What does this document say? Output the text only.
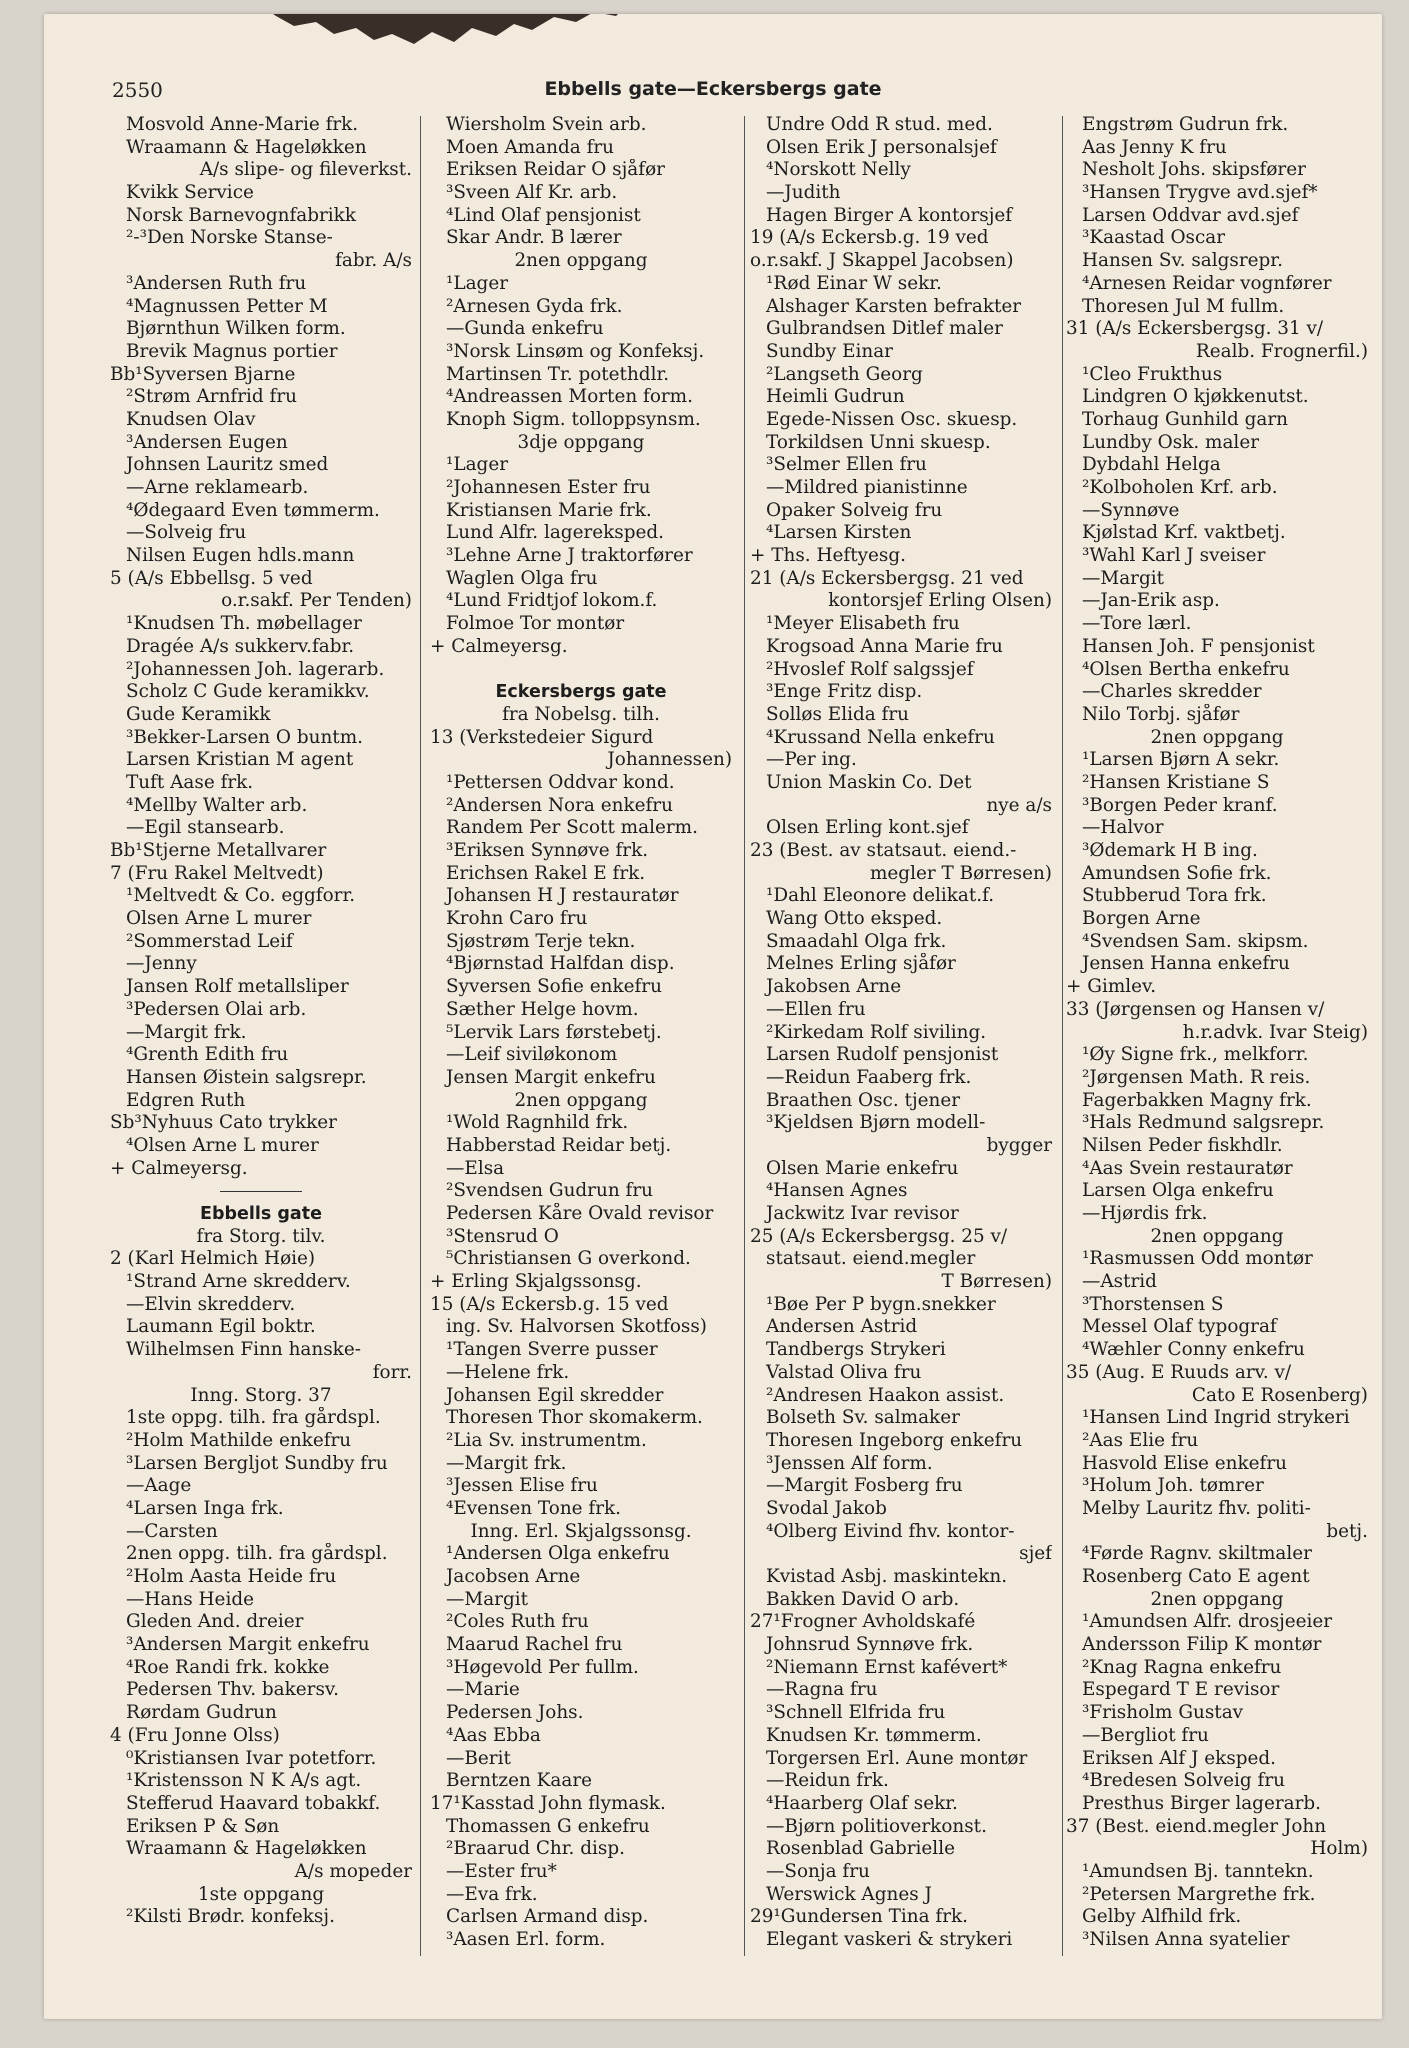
2550	Ebbells gate—Eckersbergs gate
Mosvold Anne-Marie frk.
Wraamann & Hageløkken
A/s slipe- og fileverkst.
Kvikk Service
Norsk Barnevognfabrikk
²-³Den Norske Stanse-
fabr. A/s
³Andersen Ruth fru
⁴Magnussen Petter M
Bjørnthun Wilken form.
Brevik Magnus portier
Bb¹Syversen Bjarne
²Strøm Arnfrid fru
Knudsen Olav
³Andersen Eugen
Johnsen Lauritz smed
—Arne reklamearb.
⁴Ødegaard Even tømmerm.
—Solveig fru
Nilsen Eugen hdls.mann
5 (A/s Ebbellsg. 5 ved
o.r.sakf. Per Tenden)
¹Knudsen Th. møbellager
Dragée A/s sukkerv.fabr.
²Johannessen Joh. lagerarb.
Scholz C Gude keramikkv.
Gude Keramikk
³Bekker-Larsen O buntm.
Larsen Kristian M agent
Tuft Aase frk.
⁴Mellby Walter arb.
—Egil stansearb.
Bb¹Stjerne Metallvarer
7 (Fru Rakel Meltvedt)
¹Meltvedt & Co. eggforr.
Olsen Arne L murer
²Sommerstad Leif
—Jenny
Jansen Rolf metallsliper
³Pedersen Olai arb.
—Margit frk.
⁴Grenth Edith fru
Hansen Øistein salgsrepr.
Edgren Ruth
Sb³Nyhuus Cato trykker
⁴Olsen Arne L murer
+ Calmeyersg.
Ebbells gate
fra Storg. tilv.
2 (Karl Helmich Høie)
¹Strand Arne skredderv.
—Elvin skredderv.
Laumann Egil boktr.
Wilhelmsen Finn hanske-
forr.
Inng. Storg. 37
1ste oppg. tilh. fra gårdspl.
²Holm Mathilde enkefru
³Larsen Bergljot Sundby fru
—Aage
⁴Larsen Inga frk.
—Carsten
2nen oppg. tilh. fra gårdspl.
²Holm Aasta Heide fru
—Hans Heide
Gleden And. dreier
³Andersen Margit enkefru
⁴Roe Randi frk. kokke
Pedersen Thv. bakersv.
Rørdam Gudrun
4 (Fru Jonne Olss)
⁰Kristiansen Ivar potetforr.
¹Kristensson N K A/s agt.
Stefferud Haavard tobakkf.
Eriksen P & Søn
Wraamann & Hageløkken
A/s mopeder
1ste oppgang
²Kilsti Brødr. konfeksj.
Wiersholm Svein arb.
Moen Amanda fru
Eriksen Reidar O sjåfør
³Sveen Alf Kr. arb.
⁴Lind Olaf pensjonist
Skar Andr. B lærer
2nen oppgang
¹Lager
²Arnesen Gyda frk.
—Gunda enkefru
³Norsk Linsøm og Konfeksj.
Martinsen Tr. potethdlr.
⁴Andreassen Morten form.
Knoph Sigm. tolloppsynsm.
3dje oppgang
¹Lager
²Johannesen Ester fru
Kristiansen Marie frk.
Lund Alfr. lagereksped.
³Lehne Arne J traktorfører
Waglen Olga fru
⁴Lund Fridtjof lokom.f.
Folmoe Tor montør
+ Calmeyersg.
Eckersbergs gate
fra Nobelsg. tilh.
13 (Verkstedeier Sigurd
Johannessen)
¹Pettersen Oddvar kond.
²Andersen Nora enkefru
Randem Per Scott malerm.
³Eriksen Synnøve frk.
Erichsen Rakel E frk.
Johansen H J restauratør
Krohn Caro fru
Sjøstrøm Terje tekn.
⁴Bjørnstad Halfdan disp.
Syversen Sofie enkefru
Sæther Helge hovm.
⁵Lervik Lars førstebetj.
—Leif siviløkonom
Jensen Margit enkefru
2nen oppgang
¹Wold Ragnhild frk.
Habberstad Reidar betj.
—Elsa
²Svendsen Gudrun fru
Pedersen Kåre Ovald revisor
³Stensrud O
⁵Christiansen G overkond.
+ Erling Skjalgssonsg.
15 (A/s Eckersb.g. 15 ved
ing. Sv. Halvorsen Skotfoss)
¹Tangen Sverre pusser
—Helene frk.
Johansen Egil skredder
Thoresen Thor skomakerm.
²Lia Sv. instrumentm.
—Margit frk.
³Jessen Elise fru
⁴Evensen Tone frk.
Inng. Erl. Skjalgssonsg.
¹Andersen Olga enkefru
Jacobsen Arne
—Margit
²Coles Ruth fru
Maarud Rachel fru
³Høgevold Per fullm.
—Marie
Pedersen Johs.
⁴Aas Ebba
—Berit
Berntzen Kaare
17¹Kasstad John flymask.
Thomassen G enkefru
²Braarud Chr. disp.
—Ester fru*
—Eva frk.
Carlsen Armand disp.
³Aasen Erl. form.
Undre Odd R stud. med.
Olsen Erik J personalsjef
⁴Norskott Nelly
—Judith
Hagen Birger A kontorsjef
19 (A/s Eckersb.g. 19 ved
o.r.sakf. J Skappel Jacobsen)
¹Rød Einar W sekr.
Alshager Karsten befrakter
Gulbrandsen Ditlef maler
Sundby Einar
²Langseth Georg
Heimli Gudrun
Egede-Nissen Osc. skuesp.
Torkildsen Unni skuesp.
³Selmer Ellen fru
—Mildred pianistinne
Opaker Solveig fru
⁴Larsen Kirsten
+ Ths. Heftyesg.
21 (A/s Eckersbergsg. 21 ved
kontorsjef Erling Olsen)
¹Meyer Elisabeth fru
Krogsoad Anna Marie fru
²Hvoslef Rolf salgssjef
³Enge Fritz disp.
Solløs Elida fru
⁴Krussand Nella enkefru
—Per ing.
Union Maskin Co. Det
nye a/s
Olsen Erling kont.sjef
23 (Best. av statsaut. eiend.-
megler T Børresen)
¹Dahl Eleonore delikat.f.
Wang Otto eksped.
Smaadahl Olga frk.
Melnes Erling sjåfør
Jakobsen Arne
—Ellen fru
²Kirkedam Rolf siviling.
Larsen Rudolf pensjonist
—Reidun Faaberg frk.
Braathen Osc. tjener
³Kjeldsen Bjørn modell-
bygger
Olsen Marie enkefru
⁴Hansen Agnes
Jackwitz Ivar revisor
25 (A/s Eckersbergsg. 25 v/
statsaut. eiend.megler
T Børresen)
¹Bøe Per P bygn.snekker
Andersen Astrid
Tandbergs Strykeri
Valstad Oliva fru
²Andresen Haakon assist.
Bolseth Sv. salmaker
Thoresen Ingeborg enkefru
³Jenssen Alf form.
—Margit Fosberg fru
Svodal Jakob
⁴Olberg Eivind fhv. kontor-
sjef
Kvistad Asbj. maskintekn.
Bakken David O arb.
27¹Frogner Avholdskafé
Johnsrud Synnøve frk.
²Niemann Ernst kafévert*
—Ragna fru
³Schnell Elfrida fru
Knudsen Kr. tømmerm.
Torgersen Erl. Aune montør
—Reidun frk.
⁴Haarberg Olaf sekr.
—Bjørn politioverkonst.
Rosenblad Gabrielle
—Sonja fru
Werswick Agnes J
29¹Gundersen Tina frk.
Elegant vaskeri & strykeri
Engstrøm Gudrun frk.
Aas Jenny K fru
Nesholt Johs. skipsfører
³Hansen Trygve avd.sjef*
Larsen Oddvar avd.sjef
³Kaastad Oscar
Hansen Sv. salgsrepr.
⁴Arnesen Reidar vognfører
Thoresen Jul M fullm.
31 (A/s Eckersbergsg. 31 v/
Realb. Frognerfil.)
¹Cleo Frukthus
Lindgren O kjøkkenutst.
Torhaug Gunhild garn
Lundby Osk. maler
Dybdahl Helga
²Kolboholen Krf. arb.
—Synnøve
Kjølstad Krf. vaktbetj.
³Wahl Karl J sveiser
—Margit
—Jan-Erik asp.
—Tore lærl.
Hansen Joh. F pensjonist
⁴Olsen Bertha enkefru
—Charles skredder
Nilo Torbj. sjåfør
2nen oppgang
¹Larsen Bjørn A sekr.
²Hansen Kristiane S
³Borgen Peder kranf.
—Halvor
³Ødemark H B ing.
Amundsen Sofie frk.
Stubberud Tora frk.
Borgen Arne
⁴Svendsen Sam. skipsm.
Jensen Hanna enkefru
+ Gimlev.
33 (Jørgensen og Hansen v/
h.r.advk. Ivar Steig)
¹Øy Signe frk., melkforr.
²Jørgensen Math. R reis.
Fagerbakken Magny frk.
³Hals Redmund salgsrepr.
Nilsen Peder fiskhdlr.
⁴Aas Svein restauratør
Larsen Olga enkefru
—Hjørdis frk.
2nen oppgang
¹Rasmussen Odd montør
—Astrid
³Thorstensen S
Messel Olaf typograf
⁴Wæhler Conny enkefru
35 (Aug. E Ruuds arv. v/
Cato E Rosenberg)
¹Hansen Lind Ingrid strykeri
²Aas Elie fru
Hasvold Elise enkefru
³Holum Joh. tømrer
Melby Lauritz fhv. politi-
betj.
⁴Førde Ragnv. skiltmaler
Rosenberg Cato E agent
2nen oppgang
¹Amundsen Alfr. drosjeeier
Andersson Filip K montør
²Knag Ragna enkefru
Espegard T E revisor
³Frisholm Gustav
—Bergliot fru
Eriksen Alf J eksped.
⁴Bredesen Solveig fru
Presthus Birger lagerarb.
37 (Best. eiend.megler John
Holm)
¹Amundsen Bj. tanntekn.
²Petersen Margrethe frk.
Gelby Alfhild frk.
³Nilsen Anna syatelier
